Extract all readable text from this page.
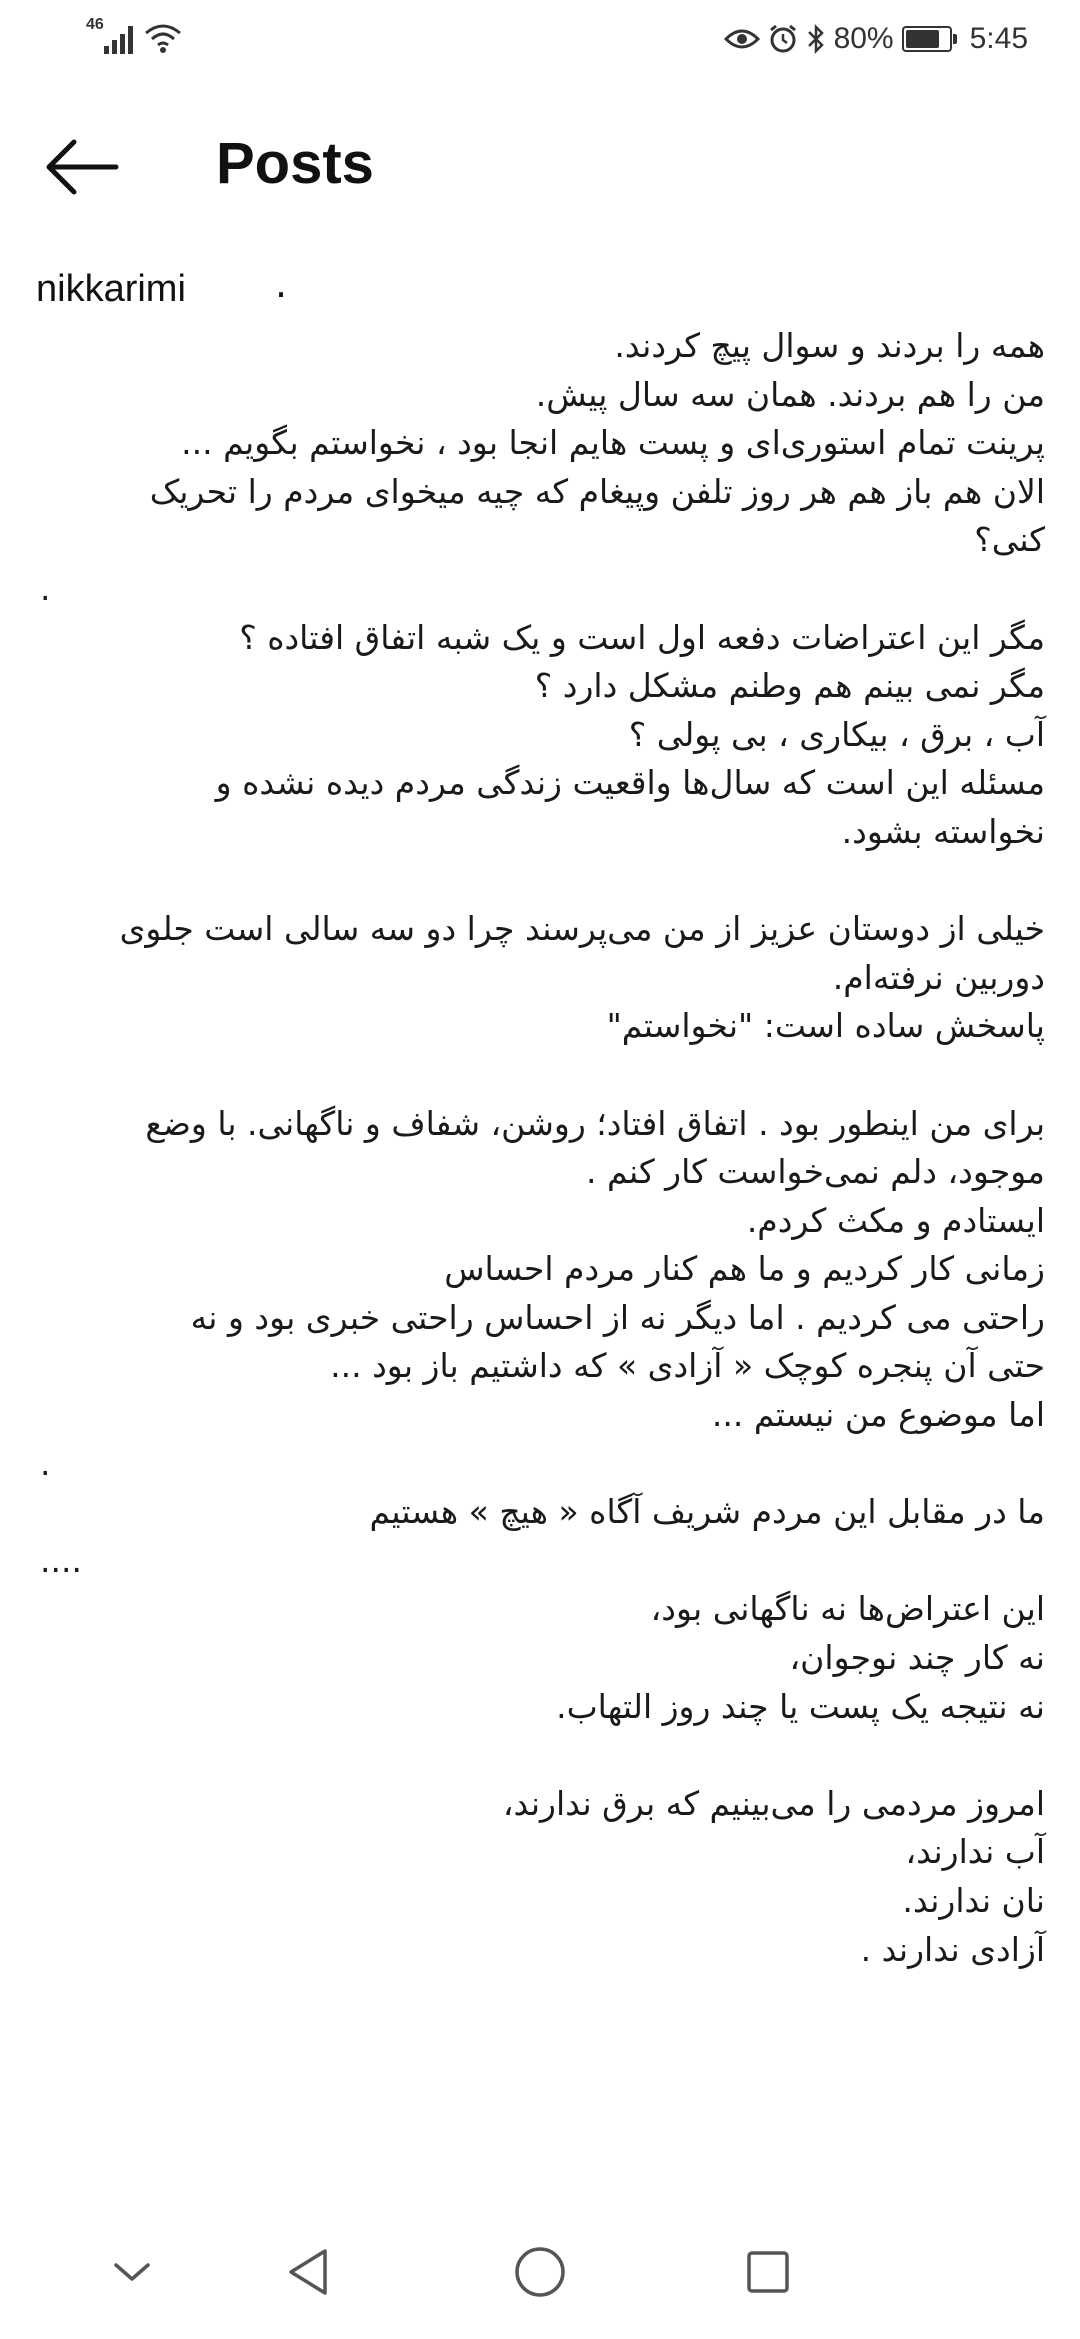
46	80%	5:45
Posts
nikkarimi .
همه را بردند و سوال پیچ کردند.
من را هم بردند. همان سه سال پیش.
پرینت تمام استوری‌ای و پست هایم انجا بود ، نخواستم بگویم ...
الان هم باز هم هر روز تلفن وپیغام که چیه میخوای مردم را تحریک
کنی؟
.
مگر این اعتراضات دفعه اول است و یک شبه اتفاق افتاده ؟
مگر نمی بینم هم وطنم مشکل دارد ؟
آب ، برق ، بیکاری ، بی پولی ؟
مسئله این است که سال‌ها واقعیت زندگی مردم دیده نشده و
نخواسته بشود.
خیلی از دوستان عزیز از من می‌پرسند چرا دو سه سالی است جلوی
دوربین نرفته‌ام.
پاسخش ساده است: "نخواستم"
برای من اینطور بود . اتفاق افتاد؛ روشن، شفاف و ناگهانی. با وضع
موجود، دلم نمی‌خواست کار کنم .
ایستادم و مکث کردم.
زمانی کار کردیم و ما هم کنار مردم احساس
راحتی می کردیم . اما دیگر نه از احساس راحتی خبری بود و نه
حتی آن پنجره کوچک « آزادی » که داشتیم باز بود ...
اما موضوع من نیستم ...
.
ما در مقابل این مردم شریف آگاه « هیچ » هستیم
....
این اعتراض‌ها نه ناگهانی بود،
نه کار چند نوجوان،
نه نتیجه یک پست یا چند روز التهاب.
امروز مردمی را می‌بینیم که برق ندارند،
آب ندارند،
نان ندارند.
آزادی ندارند .
